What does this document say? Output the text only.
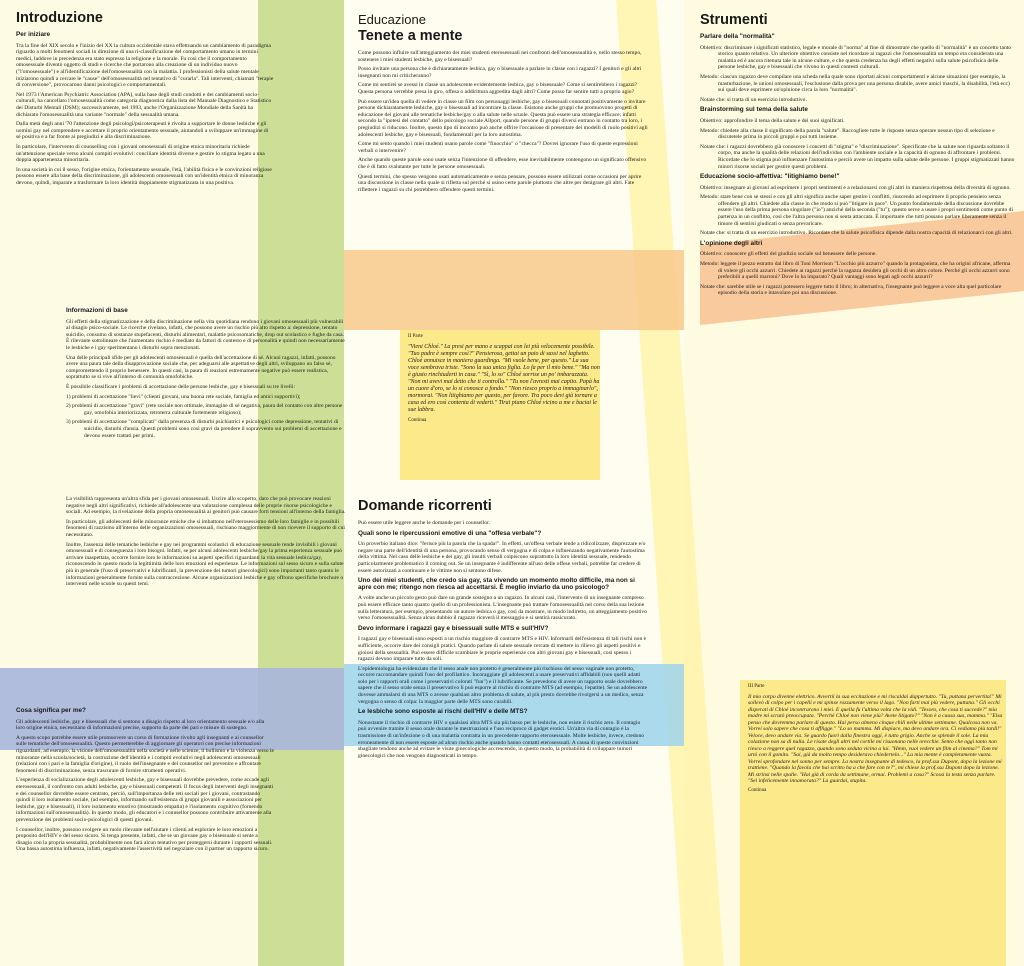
Introduzione
Per iniziare

Tra la fine del XIX secolo e l'inizio del XX la cultura occidentale stava effettuando un cambiamento di paradigma riguardo a molti fenomeni sociali in direzione di una ri-classificazione del comportamento umano in termini medici, laddove in precedenza era stato espresso la religione e la morale. Fu così che il comportamento omosessuale diventò oggetto di studi e ricerche che portarono alla creazione di un individuo nuovo ("l'omosessuale") e all'identificazione dell'omosessualità con la malattia. I professionisti della salute mentale iniziarono quindi a cercare le "cause" dell'omosessualità nel tentativo di "curarla". Tali interventi, chiamati "terapie di conversione", provocarono danni psicologici e comportamentali.

Nel 1973 l'American Psychiatric Association (APA), sulla base degli studi condotti e dei cambiamenti socio-culturali, ha cancellato l'omosessualità come categoria diagnostica dalla lista del Manuale Diagnostico e Statistico dei Disturbi Mentali (DSM); successivamente, nel 1993, anche l'Organizzazione Mondiale della Sanità ha dichiarato l'omosessualità una variante "normale" della sessualità umana.

Dalla metà degli anni '70 l'attenzione degli psicologi/psicoterapeuti è rivolta a supportare le donne lesbiche e gli uomini gay nel comprendere e accettare il proprio orientamento sessuale, aiutandoli a sviluppare un'immagine di sé positiva e a far fronte ai pregiudizi e alla discriminazione.

In particolare, l'intervento di counselling con i giovani omosessuali di origine etnica minoritaria richiede un'attenzione speciale verso alcuni compiti evolutivi: conciliare identità diverse e gestire lo stigma legato a una doppia appartenenza minoritaria.

In una società in cui il sesso, l'origine etnica, l'orientamento sessuale, l'età, l'abilità fisica e le convinzioni religiose possono essere alla base della discriminazione, gli adolescenti omosessuali con un'identità etnica di minoranza devono, quindi, imparare a trasformare la loro identità doppiamente stigmatizzata in una positiva.

Informazioni di base

Gli effetti della stigmatizzazione e della discriminazione nella vita quotidiana rendono i giovani omosessuali più vulnerabili al disagio psico-sociale. Le ricerche rivelano, infatti, che possono avere un rischio più alto rispetto a: depressione, tentato suicidio, consumo di sostanze stupefacenti, disturbi alimentari, malattie psicosomatiche, drop out scolastico e fughe da casa. È rilevante sottolineare che l'aumentato rischio è mediato da fattori di contesto e di personalità e quindi non necessariamente le lesbiche e i gay sperimentano i disturbi sopra menzionati.

Una delle principali sfide per gli adolescenti omosessuali è quella dell'accettazione di sé. Alcuni ragazzi, infatti, possono avere una paura tale della disapprovazione sociale che, per adeguarsi alle aspettative degli altri, sviluppano un falso sé, compromettendo il proprio benessere. In questi casi, la paura di reazioni estremamente negative può essere realistica, soprattutto se si vive all'interno di comunità omofobiche.

È possibile classificare i problemi di accettazione delle persone lesbiche, gay e bisessuali su tre livelli:

1) problemi di accettazione "lievi" (clienti giovani, una buona rete sociale, famiglia ed amici supportivi);

2) problemi di accettazione "gravi" (rete sociale non ottimale, immagine di sé negativa, paura del contatto con altre persone gay, omofobia interiorizzata, retroterra culturale fortemente religioso);

3) problemi di accettazione "complicati" dalla presenza di disturbi psichiatrici e psicologici come depressione, tentativi di suicidio, disturbi d'ansia. Questi problemi sono così gravi da prendere il sopravvento sui problemi di accettazione e devono essere trattati per primi.

La visibilità rappresenta un'altra sfida per i giovani omosessuali. Uscire allo scoperto, dato che può provocare reazioni negative negli altri significativi, richiede all'adolescente una valutazione complessa delle proprie risorse psicologiche e sociali. Ad esempio, la rivelazione della propria omosessualità ai genitori può causare forti tensioni all'interno della famiglia.

In particolare, gli adolescenti delle minoranze etniche che si imbattono nell'eterosessismo delle loro famiglie e in possibili fenomeni di razzismo all'interno delle organizzazioni omosessuali, rischiano maggiormente di non ricevere il supporto di cui necessitano.

Inoltre, l'assenza delle tematiche lesbiche e gay nei programmi scolastici di educazione sessuale rende invisibili i giovani omosessuali e di conseguenza i loro bisogni. Infatti, se per alcuni adolescenti lesbiche/gay la prima esperienza sessuale può arrivare inaspettata, occorre fornire loro le informazioni su aspetti specifici riguardanti la vita sessuale lesbica/gay, riconoscendo in questo modo la legittimità delle loro emozioni ed esperienze. Le informazioni sul sesso sicuro e sulla salute più in generale (l'uso di preservativi e lubrificanti, la prevenzione dei tumori ginecologici) sono importanti tanto quanto le informazioni generalmente fornite sulla contraccezione. Alcune organizzazioni lesbiche e gay offrono specifiche brochure o interventi nelle scuole su questi temi.

Cosa significa per me?

Gli adolescenti lesbiche, gay e bisessuali che si sentono a disagio rispetto al loro orientamento sessuale e/o alla loro origine etnica, necessitano di informazioni precise, supporto da parte dei pari e misure di sostegno.

A questo scopo potrebbe essere utile promuovere un corso di formazione rivolto agli insegnanti e ai counsellor sulle tematiche dell'omosessualità. Questo permetterebbe di aggiornare gli operatori con precise informazioni riguardanti, ad esempio, la visione dell'omosessualità nella società e nelle scienze, il bullismo e la violenza verso le minoranze nella scuola/società, la costruzione dell'identità e i compiti evolutivi negli adolescenti omosessuali (relazioni con i pari e la famiglia d'origine), il ruolo dell'insegnante e del counsellor nel prevenire e affrontare fenomeni di discriminazione, senza trascurare di fornire strumenti operativi.

L'esperienza di socializzazione degli adolescenti lesbiche, gay e bisessuali dovrebbe prevedere, come accade agli eterosessuali, il confronto con adulti lesbiche, gay e bisessuali competenti. Il focus degli interventi degli insegnanti e dei counsellor dovrebbe essere centrato, perciò, sull'importanza delle reti sociali per i giovani, contrastando quindi il loro isolamento sociale, (ad esempio, informando sull'esistenza di gruppi giovanili e associazioni per lesbiche, gay e bisessuali), il loro isolamento emotivo (mostrando empatia) e l'isolamento cognitivo (fornendo informazioni sull'omosessualità). In questo modo, gli educatori e i counsellor possono contribuire attivamente alla prevenzione dei problemi socio-psicologici di questi giovani.

I counsellor, inoltre, possono svolgere un ruolo rilevante nell'aiutare i clienti ad esplorare le loro emozioni a proposito dell'HIV e del sesso sicuro. Si tenga presente, infatti, che se un giovane gay o bisessuale si sente a disagio con la propria sessualità, probabilmente non farà alcun tentativo per proteggersi durante i rapporti sessuali. Una bassa autostima influenza, infatti, negativamente l'assertività nel negoziare con il partner un rapporto sicuro.

Educazione
Tenete a mente

Come possono influire sull'atteggiamento dei miei studenti eterosessuali nei confronti dell'omosessualità e, nello stesso tempo, sostenere i miei studenti lesbiche, gay e bisessuali?

Posso invitare una persona che è dichiaratamente lesbica, gay o bisessuale a parlare in classe con i ragazzi? I genitori e gli altri insegnanti non mi criticheranno?

Come mi sentirei se avessi in classe un adolescente evidentemente lesbica, gay o bisessuale? Come si sentirebbero i ragazzi? Questa persona verrebbe presa in giro, offesa o addirittura aggredita dagli altri? Come posso far sentire tutti a proprio agio?

Può essere un'idea quella di vedere in classe un film con personaggi lesbiche, gay o bisessuali connotati positivamente o invitare persone dichiaratamente lesbiche, gay o bisessuali ad incontrare la classe. Esistono anche gruppi che promuovono progetti di educazione dei giovani alle tematiche lesbiche/gay o alla salute nelle scuole. Questa può essere una strategia efficace; infatti secondo la "ipotesi del contatto" dello psicologo sociale Allport, quando persone di gruppi diversi entrano in contatto tra loro, i pregiudizi si riducono. Inoltre, questo tipo di incontro può anche offrire l'occasione di presentare dei modelli di ruolo positivi agli adolescenti lesbiche, gay e bisessuali, fondamentali per la loro autostima.

Come mi sento quando i miei studenti usano parole come "finocchio" o "checca"? Dovrei ignorare l'uso di queste espressioni verbali o intervenire?

Anche quando queste parole sono usate senza l'intenzione di offendere, esse inevitabilmente contengono un significato offensivo che è di fatto svalutante per tutte le persone omosessuali.

Questi termini, che spesso vengono usati automaticamente e senza pensare, possono essere utilizzati come occasioni per aprire una discussione in classe nella quale si rifletta sul perché si usino certe parole piuttosto che altre per denigrare gli altri. Fate riflettere i ragazzi su chi potrebbero offendere questi termini.

II Parte

"Vieni Chloé." La presi per mano e scappai con lei più velocemente possibile. "Tuo padre è sempre così?" Pensierosa, gettai un paio di sassi nel laghetto. Chloé annuisce in maniera guardinga. "Mi vuole bene, per questo." La sua voce sembrava triste. "Sono la sua unica figlia. Lo fa per il mio bene." "Ma non è giusto rinchiuderti in casa." "Sì, lo so" Chloé sorrise un po' imbarazzata. "Non mi avevi mai detto che ti controlla." "Tu non l'avresti mai capito. Papà ha un cuore d'oro, se lo si conosce a fondo." "Non riesco proprio a immaginarlo", mormorai. "Non litighiamo per questo, per favore. Tra poco devi già tornare a casa ed ero così contenta di vederti." Tirai piano Chloé vicino a me e baciai le sue labbra.

Continua

Domande ricorrenti

Può essere utile leggere anche le domande per i counsellor.

Quali sono le ripercussioni emotive di una "offesa verbale"?

Un proverbio italiano dice: "ferisce più la parola che la spada!". In effetti, un'offesa verbale tende a ridicolizzare, disprezzare e/o negare una parte dell'identità di una persona, provocando senso di vergogna e di colpa e influenzando negativamente l'autostima della vittima. Nel caso delle lesbiche e dei gay, gli insulti verbali colpiscono soprattutto la loro identità sessuale, rendendo particolarmente problematico il coming out. Se un insegnante è indifferente all'uso delle offese verbali, potrebbe far credere di essere autorizzati a continuare e le vittime non si sentono difese.

Uno dei miei studenti, che credo sia gay, sta vivendo un momento molto difficile, ma non si apre con me; ritengo non riesca ad accettarsi. È meglio inviarlo da uno psicologo?

A volte anche un piccolo gesto può dare un grande sostegno a un ragazzo. In alcuni casi, l'intervento di un insegnante compreso può essere efficace tanto quanto quello di un professionista. L'insegnante può trattare l'omosessualità nel corso della sua lezione sulla letteratura, per esempio, presentando un autore lesbica o gay, così da mostrare, in modo indiretto, un atteggiamento positivo verso l'omosessualità. Senza alcun dubbio il ragazzo riceverà il messaggio e si sentirà rassicurato.

Devo informare i ragazzi gay e bisessuali sulle MTS e sull'HIV?

I ragazzi gay e bisessuali sono esposti a un rischio maggiore di contrarre MTS e HIV. Informarli dell'esistenza di tali rischi non è sufficiente, occorre dare dei consigli pratici. Quando parlate di salute sessuale cercate di mettere in rilievo gli aspetti positivi e gioiosi della sessualità. Può essere difficile scambiare le proprie esperienze con altri giovani gay e bisessuali, così spesso i ragazzi devono imparare tutto da soli.

L'epidemiologia ha evidenziato che il sesso anale non protetto è generalmente più rischioso del sesso vaginale non protetto, occorre raccomandare quindi l'uso del profilattico. Incoraggiate gli adolescenti a usare preservativi affidabili (non quelli adatti solo per i rapporti orali come i preservativi colorati "fun") e il lubrificante. Se prevedono di avere un rapporto orale dovrebbero sapere che il sesso orale senza il preservativo li può esporre al rischio di contrarre MTS (ad esempio, l'epatite). Se un adolescente dovesse ammalarsi di una MTS o avesse qualsiasi altro problema di salute, al più presto dovrebbe rivolgersi a un medico, senza vergogna o senso di colpa: la maggior parte delle MTS sono curabili.

Le lesbiche sono esposte ai rischi dell'HIV e delle MTS?

Nonostante il rischio di contrarre HIV o qualsiasi altra MTS sia più basso per le lesbiche, non esiste il rischio zero. Il contagio può avvenire tramite il sesso orale durante le mestruazioni e l'uso reciproco di gadget erotici. Un'altra via di contagio è la trasmissione di un'infezione o di una malattia contratta in un precedente rapporto eterosessuale. Molte lesbiche, invece, credono erroneamente di non essere esposte ad alcun rischio anche quando hanno contatti eterosessuali. A causa di queste convinzioni sbagliate tendono anche ad evitare le visite ginecologiche accrescendo, in questo modo, la probabilità di sviluppare tumori ginecologici che non vengono diagnosticati in tempo.

Strumenti
Parlare della "normalità"

Obiettivo: discriminare i significati statistico, legale e morale di "norma" al fine di dimostrare che quello di "normalità" è un concetto tanto storico quanto relativo. Un ulteriore obiettivo consiste nel ricordare ai ragazzi che l'omosessualità un tempo era considerata una malattia ed è ancora ritenuta tale in alcune culture, e che questa credenza ha degli effetti negativi sulla salute psicofisica delle persone lesbiche, gay e bisessuali che vivono in questi contesti culturali.

Metodo: ciascun ragazzo deve compilare una scheda nella quale sono riportati alcuni comportamenti e alcune situazioni (per esempio, la masturbazione, le unioni omosessuali, l'esclusione dalla prova per una persona disabile, avere amici maschi, la disabilità, l'età ecc) sui quali deve esprimere un'opinione circa la loro "normalità".

Notate che: si tratta di un esercizio introduttivo.

Brainstorming sul tema della salute

Obiettivo: approfondire il tema della salute e dei suoi significati.

Metodo: chiedete alla classe il significato della parola "salute". Raccogliete tutte le risposte senza operare nessun tipo di selezione e discutetele prima in piccoli gruppi e poi tutti insieme.

Notate che: i ragazzi dovrebbero già conoscere i concetti di "stigma" e "discriminazione". Specificate che la salute non riguarda soltanto il corpo, ma anche la qualità delle relazioni dell'individuo con l'ambiente sociale e la capacità di ognuno di affrontare i problemi. Ricordate che lo stigma può influenzare l'autostima e perciò avere un impatto sulla salute delle persone. I gruppi stigmatizzati hanno minori risorse sociali per gestire questi problemi.

Educazione socio-affettiva: "litighiamo bene!"

Obiettivo: insegnare ai giovani ad esprimere i propri sentimenti e a relazionarsi con gli altri in maniera rispettosa della diversità di ognuno.

Metodo: stare bene con se stessi e con gli altri significa anche saper gestire i conflitti, riuscendo ad esprimere il proprio pensiero senza offendere gli altri. Chiedete alla classe in che modo si può "litigare in pace". Un punto fondamentale della discussione dovrebbe essere l'uso della prima persona singolare ("io") anziché della seconda ("tu"); questo serve a usare i propri sentimenti come punto di partenza in un conflitto, così che l'altra persona non si senta attaccata. È importante che tutti possano parlare liberamente senza il timore di sentirsi giudicati o senza prevaricare.

Notate che: si tratta di un esercizio introduttivo. Ricordate che la salute psicofisica dipende dalla nostra capacità di relazionarci con gli altri.

L'opinione degli altri

Obiettivo: conoscere gli effetti del giudizio sociale sul benessere delle persone.

Metodo: leggete il pezzo estratto dal libro di Toni Morrison "L'occhio più azzurro" quando la protagonista, che ha origini africane, afferma di volere gli occhi azzurri. Chiedete ai ragazzi perché la ragazza desidera gli occhi di un altro colore. Perché gli occhi azzurri sono preferibili a quelli marroni? Dove lo ha imparato? Quali vantaggi sono legati agli occhi azzurri?

Notate che: sarebbe utile se i ragazzi potessero leggere tutto il libro; in alternativa, l'insegnante può leggere a voce alta quel particolare episodio della storia e intavolare poi una discussione.

III Parte

Il mio corpo divenne elettrico. Avvertii la sua eccitazione e mi riscaldai dappertutto. "Tu, puttana pervertita!" Mi sollevò di colpo per i capelli e mi spinse rozzamente verso il lago. "Non farti mai più vedere, puttana." Gli occhi disperati di Chloé incontrarono i miei. E quella fu l'ultima volta che la vidi. "Tesoro, che cosa ti succede?" mia madre mi scrutò preoccupata. "Perché Chloé non viene più? Avete litigato?" "Non è a causa sua, mamma." "Elsa penso che dovremmo parlare di questo. Hai perso almeno cinque chili nelle ultime settimane. Qualcosa non va. Vorrei solo sapere che cosa ti affligge." "Lo so mamma. Mi dispiace, ma devo andare ora. Ci vediamo più tardi!" Veloce, devo andare via. Se guardo fuori dalla finestra oggi, è tutto grigio. Anche se splende il sole. La mia colazione non sa di nulla. Le risate degli altri nel cortile mi risuonano nelle orecchie. Sento che oggi tanto non riesco a reggere quel ragazzo, quando sono seduta vicino a lui. "Hmm, vuoi vedere un film al cinema?" Tom mi urtò con il gomito. "Sai, già da molto tempo desideravo chiedertelo..." La mia mente è completamente vuota. Vorrei sprofondare nel sonno per sempre. La nostra insegnante di tedesco, la prof.ssa Dupont, dopo la lezione mi trattiene. "Quando la favola che hai scritto ha a che fare con te?", mi chiese la prof.ssa Dupont dopo la lezione. Mi strinsi nelle spalle. "Hai già di corda da settimane, ormai. Problemi a casa?" Scossi la testa senza parlare. "Sei infelicemente innamorata?" La guardai, stupita.

Continua
